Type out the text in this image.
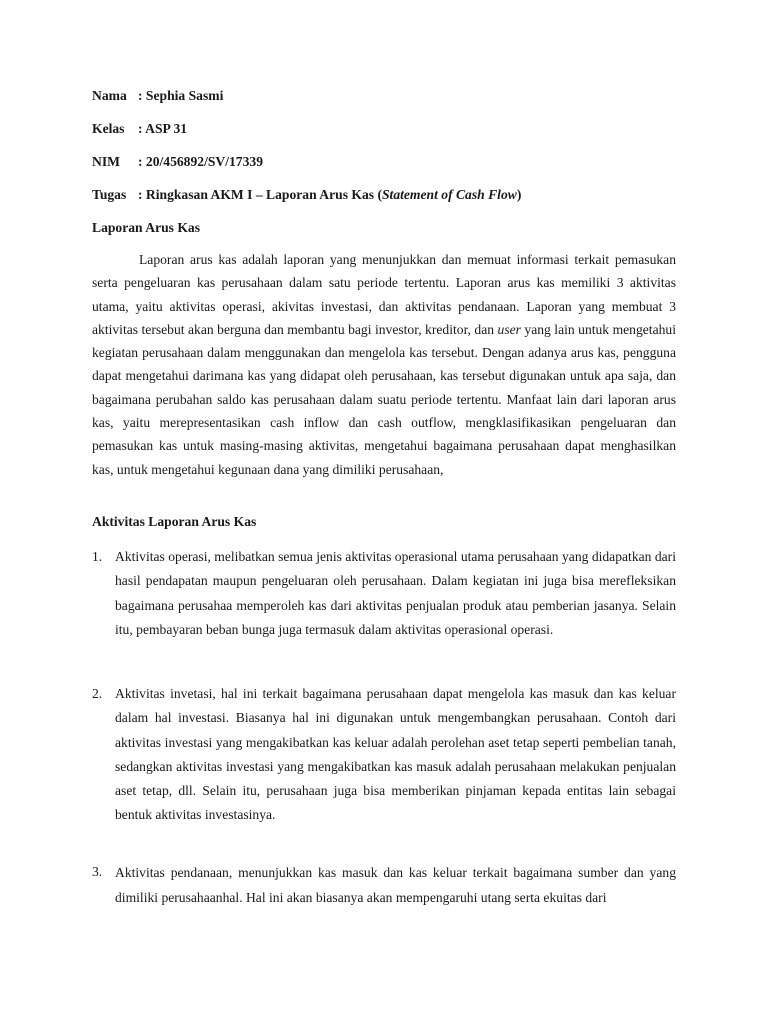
Nama : Sephia Sasmi
Kelas : ASP 31
NIM : 20/456892/SV/17339
Tugas : Ringkasan AKM I – Laporan Arus Kas (Statement of Cash Flow)
Laporan Arus Kas

Laporan arus kas adalah laporan yang menunjukkan dan memuat informasi terkait pemasukan serta pengeluaran kas perusahaan dalam satu periode tertentu. Laporan arus kas memiliki 3 aktivitas utama, yaitu aktivitas operasi, akivitas investasi, dan aktivitas pendanaan. Laporan yang membuat 3 aktivitas tersebut akan berguna dan membantu bagi investor, kreditor, dan user yang lain untuk mengetahui kegiatan perusahaan dalam menggunakan dan mengelola kas tersebut. Dengan adanya arus kas, pengguna dapat mengetahui darimana kas yang didapat oleh perusahaan, kas tersebut digunakan untuk apa saja, dan bagaimana perubahan saldo kas perusahaan dalam suatu periode tertentu. Manfaat lain dari laporan arus kas, yaitu merepresentasikan cash inflow dan cash outflow, mengklasifikasikan pengeluaran dan pemasukan kas untuk masing-masing aktivitas, mengetahui bagaimana perusahaan dapat menghasilkan kas, untuk mengetahui kegunaan dana yang dimiliki perusahaan,

Aktivitas Laporan Arus Kas
1. Aktivitas operasi, melibatkan semua jenis aktivitas operasional utama perusahaan yang didapatkan dari hasil pendapatan maupun pengeluaran oleh perusahaan. Dalam kegiatan ini juga bisa merefleksikan bagaimana perusahaa memperoleh kas dari aktivitas penjualan produk atau pemberian jasanya. Selain itu, pembayaran beban bunga juga termasuk dalam aktivitas operasional operasi.

2. Aktivitas invetasi, hal ini terkait bagaimana perusahaan dapat mengelola kas masuk dan kas keluar dalam hal investasi. Biasanya hal ini digunakan untuk mengembangkan perusahaan. Contoh dari aktivitas investasi yang mengakibatkan kas keluar adalah perolehan aset tetap seperti pembelian tanah, sedangkan aktivitas investasi yang mengakibatkan kas masuk adalah perusahaan melakukan penjualan aset tetap, dll. Selain itu, perusahaan juga bisa memberikan pinjaman kepada entitas lain sebagai bentuk aktivitas investasinya.

3. Aktivitas pendanaan, menunjukkan kas masuk dan kas keluar terkait bagaimana sumber dan yang dimiliki perusahaanhal. Hal ini akan biasanya akan mempengaruhi utang serta ekuitas dari
